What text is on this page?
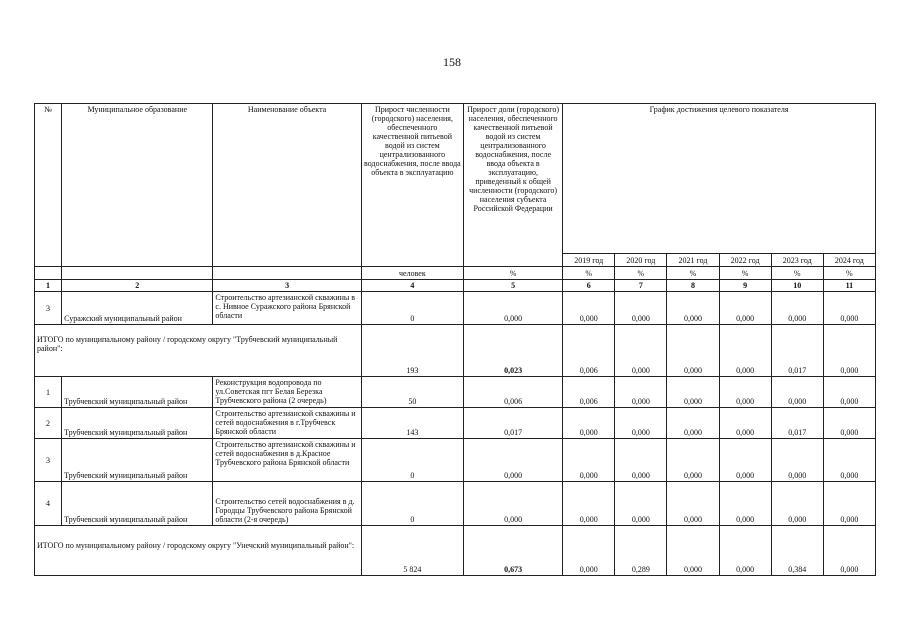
158
№	Муниципальное образование	Наименование объекта	Прирост численности (городского) населения, обеспеченного качественной питьевой водой из систем централизованного водоснабжения, после ввода объекта в эксплуатацию	Прирост доли (городского) населения, обеспеченного качественной питьевой водой из систем централизованного водоснабжения, после ввода объекта в эксплуатацию, приведенный к общей численности (городского) населения субъекта Российской Федерации	График достижения целевого показателя					
					2019 год	2020 год	2021 год	2022 год	2023 год	2024 год
			человек	%	%	%	%	%	%	%
1	2	3	4	5	6	7	8	9	10	11
3	Суражский муниципальный район	Строительство артезианской скважины в с. Нивное Суражского района Брянской области	0	0,000	0,000	0,000	0,000	0,000	0,000	0,000
ИТОГО по муниципальному району / городскому округу "Трубчевский муниципальный район":			193	0,023	0,006	0,000	0,000	0,000	0,017	0,000
1	Трубчевский муниципальный район	Реконструкция водопровода по ул.Советская пгт Белая Березка Трубчевского района (2 очередь)	50	0,006	0,006	0,000	0,000	0,000	0,000	0,000
2	Трубчевский муниципальный район	Строительство артезианской скважины и сетей водоснабжения в г.Трубчевск Брянской области	143	0,017	0,000	0,000	0,000	0,000	0,017	0,000
3	Трубчевский муниципальный район	Строительство артезианской скважины и сетей водоснабжения в д.Красное Трубчевского района Брянской области	0	0,000	0,000	0,000	0,000	0,000	0,000	0,000
4	Трубчевский муниципальный район	Строительство сетей водоснабжения в д. Городцы Трубчевского района Брянской области (2-я очередь)	0	0,000	0,000	0,000	0,000	0,000	0,000	0,000
ИТОГО по муниципальному району / городскому округу "Унечский муниципальный район":			5 824	0,673	0,000	0,289	0,000	0,000	0,384	0,000
